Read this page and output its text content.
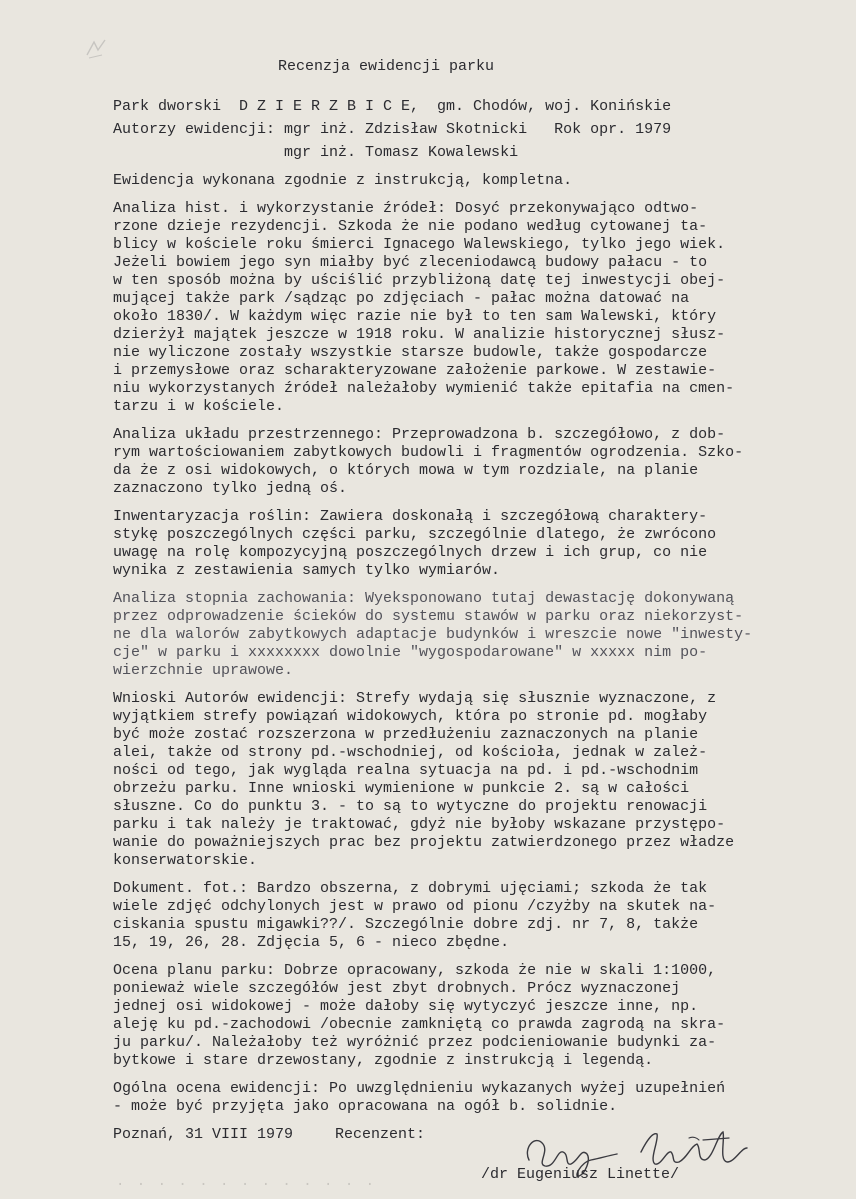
Recenzja ewidencji parku
Park dworski  D Z I E R Z B I C E,  gm. Chodów, woj. Konińskie
Autorzy ewidencji: mgr inż. Zdzisław Skotnicki   Rok opr. 1979
mgr inż. Tomasz Kowalewski
Ewidencja wykonana zgodnie z instrukcją, kompletna.
Analiza hist. i wykorzystanie źródeł: Dosyć przekonywająco odtwo-
rzone dzieje rezydencji. Szkoda że nie podano według cytowanej ta-
blicy w kościele roku śmierci Ignacego Walewskiego, tylko jego wiek.
Jeżeli bowiem jego syn miałby być zleceniodawcą budowy pałacu - to
w ten sposób można by uściślić przybliżoną datę tej inwestycji obej-
mującej także park /sądząc po zdjęciach - pałac można datować na
około 1830/. W każdym więc razie nie był to ten sam Walewski, który
dzierżył majątek jeszcze w 1918 roku. W analizie historycznej słusz-
nie wyliczone zostały wszystkie starsze budowle, także gospodarcze
i przemysłowe oraz scharakteryzowane założenie parkowe. W zestawie-
niu wykorzystanych źródeł należałoby wymienić także epitafia na cmen-
tarzu i w kościele.
Analiza układu przestrzennego: Przeprowadzona b. szczegółowo, z dob-
rym wartościowaniem zabytkowych budowli i fragmentów ogrodzenia. Szko-
da że z osi widokowych, o których mowa w tym rozdziale, na planie
zaznaczono tylko jedną oś.
Inwentaryzacja roślin: Zawiera doskonałą i szczegółową charaktery-
stykę poszczególnych części parku, szczególnie dlatego, że zwrócono
uwagę na rolę kompozycyjną poszczególnych drzew i ich grup, co nie
wynika z zestawienia samych tylko wymiarów.
Analiza stopnia zachowania: Wyeksponowano tutaj dewastację dokonywaną
przez odprowadzenie ścieków do systemu stawów w parku oraz niekorzyst-
ne dla walorów zabytkowych adaptacje budynków i wreszcie nowe "inwesty-
cje" w parku i xxxxxxxx dowolnie "wygospodarowane" w xxxxx nim po-
wierzchnie uprawowe.
Wnioski Autorów ewidencji: Strefy wydają się słusznie wyznaczone, z
wyjątkiem strefy powiązań widokowych, która po stronie pd. mogłaby
być może zostać rozszerzona w przedłużeniu zaznaczonych na planie
alei, także od strony pd.-wschodniej, od kościoła, jednak w zależ-
ności od tego, jak wygląda realna sytuacja na pd. i pd.-wschodnim
obrzeżu parku. Inne wnioski wymienione w punkcie 2. są w całości
słuszne. Co do punktu 3. - to są to wytyczne do projektu renowacji
parku i tak należy je traktować, gdyż nie byłoby wskazane przystępo-
wanie do poważniejszych prac bez projektu zatwierdzonego przez władze
konserwatorskie.
Dokument. fot.: Bardzo obszerna, z dobrymi ujęciami; szkoda że tak
wiele zdjęć odchylonych jest w prawo od pionu /czyżby na skutek na-
ciskania spustu migawki??/. Szczególnie dobre zdj. nr 7, 8, także
15, 19, 26, 28. Zdjęcia 5, 6 - nieco zbędne.
Ocena planu parku: Dobrze opracowany, szkoda że nie w skali 1:1000,
ponieważ wiele szczegółów jest zbyt drobnych. Prócz wyznaczonej
jednej osi widokowej - może dałoby się wytyczyć jeszcze inne, np.
aleję ku pd.-zachodowi /obecnie zamkniętą co prawda zagrodą na skra-
ju parku/. Należałoby też wyróżnić przez podcieniowanie budynki za-
bytkowe i stare drzewostany, zgodnie z instrukcją i legendą.
Ogólna ocena ewidencji: Po uwzględnieniu wykazanych wyżej uzupełnień
- może być przyjęta jako opracowana na ogół b. solidnie.
Poznań, 31 VIII 1979	Recenzent:
/dr Eugeniusz Linette/
· · · · · · · · · · · · ·
